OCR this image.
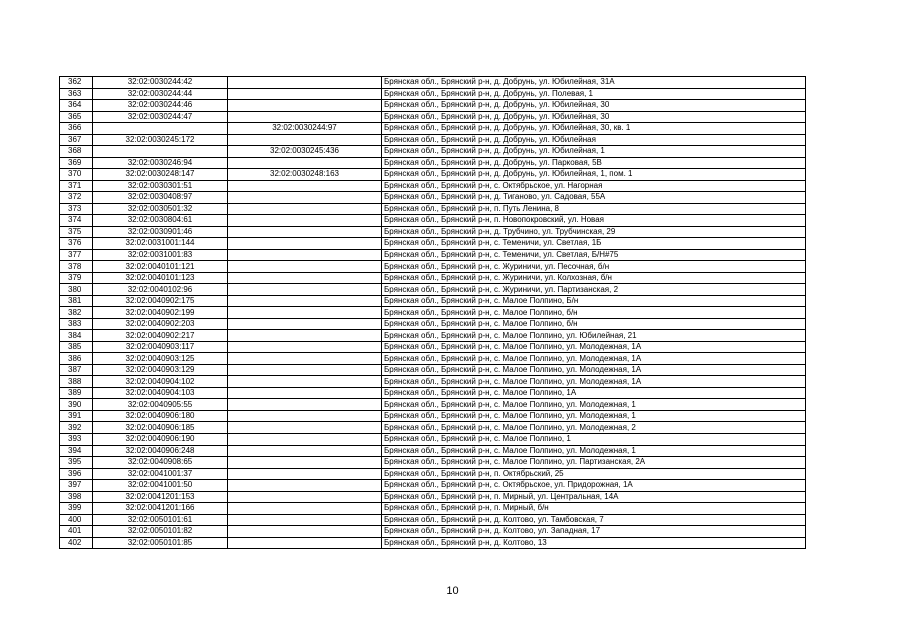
362	32:02:0030244:42		Брянская обл., Брянский р-н, д. Добрунь, ул. Юбилейная, 31А
363	32:02:0030244:44		Брянская обл., Брянский р-н, д. Добрунь, ул. Полевая, 1
364	32:02:0030244:46		Брянская обл., Брянский р-н, д. Добрунь, ул. Юбилейная, 30
365	32:02:0030244:47		Брянская обл., Брянский р-н, д. Добрунь, ул. Юбилейная, 30
366		32:02:0030244:97	Брянская обл., Брянский р-н, д. Добрунь, ул. Юбилейная, 30, кв. 1
367	32:02:0030245:172		Брянская обл., Брянский р-н, д. Добрунь, ул. Юбилейная
368		32:02:0030245:436	Брянская обл., Брянский р-н, д. Добрунь, ул. Юбилейная, 1
369	32:02:0030246:94		Брянская обл., Брянский р-н, д. Добрунь, ул. Парковая, 5В
370	32:02:0030248:147	32:02:0030248:163	Брянская обл., Брянский р-н, д. Добрунь, ул. Юбилейная, 1, пом. 1
371	32:02:0030301:51		Брянская обл., Брянский р-н, с. Октябрьское, ул. Нагорная
372	32:02:0030408:97		Брянская обл., Брянский р-н, д. Тиганово, ул. Садовая, 55А
373	32:02:0030501:32		Брянская обл., Брянский р-н, п. Путь Ленина, 8
374	32:02:0030804:61		Брянская обл., Брянский р-н, п. Новопокровский, ул. Новая
375	32:02:0030901:46		Брянская обл., Брянский р-н, д. Трубчино, ул. Трубчинская, 29
376	32:02:0031001:144		Брянская обл., Брянский р-н, с. Теменичи, ул. Светлая, 1Б
377	32:02:0031001:83		Брянская обл., Брянский р-н, с. Теменичи, ул. Светлая, Б/Н#75
378	32:02:0040101:121		Брянская обл., Брянский р-н, с. Журиничи, ул. Песочная, б/н
379	32:02:0040101:123		Брянская обл., Брянский р-н, с. Журиничи, ул. Колхозная, б/н
380	32:02:0040102:96		Брянская обл., Брянский р-н, с. Журиничи, ул. Партизанская, 2
381	32:02:0040902:175		Брянская обл., Брянский р-н, с. Малое Полпино, Б/н
382	32:02:0040902:199		Брянская обл., Брянский р-н, с. Малое Полпино, б/н
383	32:02:0040902:203		Брянская обл., Брянский р-н, с. Малое Полпино, б/н
384	32:02:0040902:217		Брянская обл., Брянский р-н, с. Малое Полпино, ул. Юбилейная, 21
385	32:02:0040903:117		Брянская обл., Брянский р-н, с. Малое Полпино, ул. Молодежная, 1А
386	32:02:0040903:125		Брянская обл., Брянский р-н, с. Малое Полпино, ул. Молодежная, 1А
387	32:02:0040903:129		Брянская обл., Брянский р-н, с. Малое Полпино, ул. Молодежная, 1А
388	32:02:0040904:102		Брянская обл., Брянский р-н, с. Малое Полпино, ул. Молодежная, 1А
389	32:02:0040904:103		Брянская обл., Брянский р-н, с. Малое Полпино, 1А
390	32:02:0040905:55		Брянская обл., Брянский р-н, с. Малое Полпино, ул. Молодежная, 1
391	32:02:0040906:180		Брянская обл., Брянский р-н, с. Малое Полпино, ул. Молодежная, 1
392	32:02:0040906:185		Брянская обл., Брянский р-н, с. Малое Полпино, ул. Молодежная, 2
393	32:02:0040906:190		Брянская обл., Брянский р-н, с. Малое Полпино, 1
394	32:02:0040906:248		Брянская обл., Брянский р-н, с. Малое Полпино, ул. Молодежная, 1
395	32:02:0040908:65		Брянская обл., Брянский р-н, с. Малое Полпино, ул. Партизанская, 2А
396	32:02:0041001:37		Брянская обл., Брянский р-н, п. Октябрьский, 25
397	32:02:0041001:50		Брянская обл., Брянский р-н, с. Октябрьское, ул. Придорожная, 1А
398	32:02:0041201:153		Брянская обл., Брянский р-н, п. Мирный, ул. Центральная, 14А
399	32:02:0041201:166		Брянская обл., Брянский р-н, п. Мирный, б/н
400	32:02:0050101:61		Брянская обл., Брянский р-н, д. Колтово, ул. Тамбовская, 7
401	32:02:0050101:82		Брянская обл., Брянский р-н, д. Колтово, ул. Западная, 17
402	32:02:0050101:85		Брянская обл., Брянский р-н, д. Колтово, 13
10
